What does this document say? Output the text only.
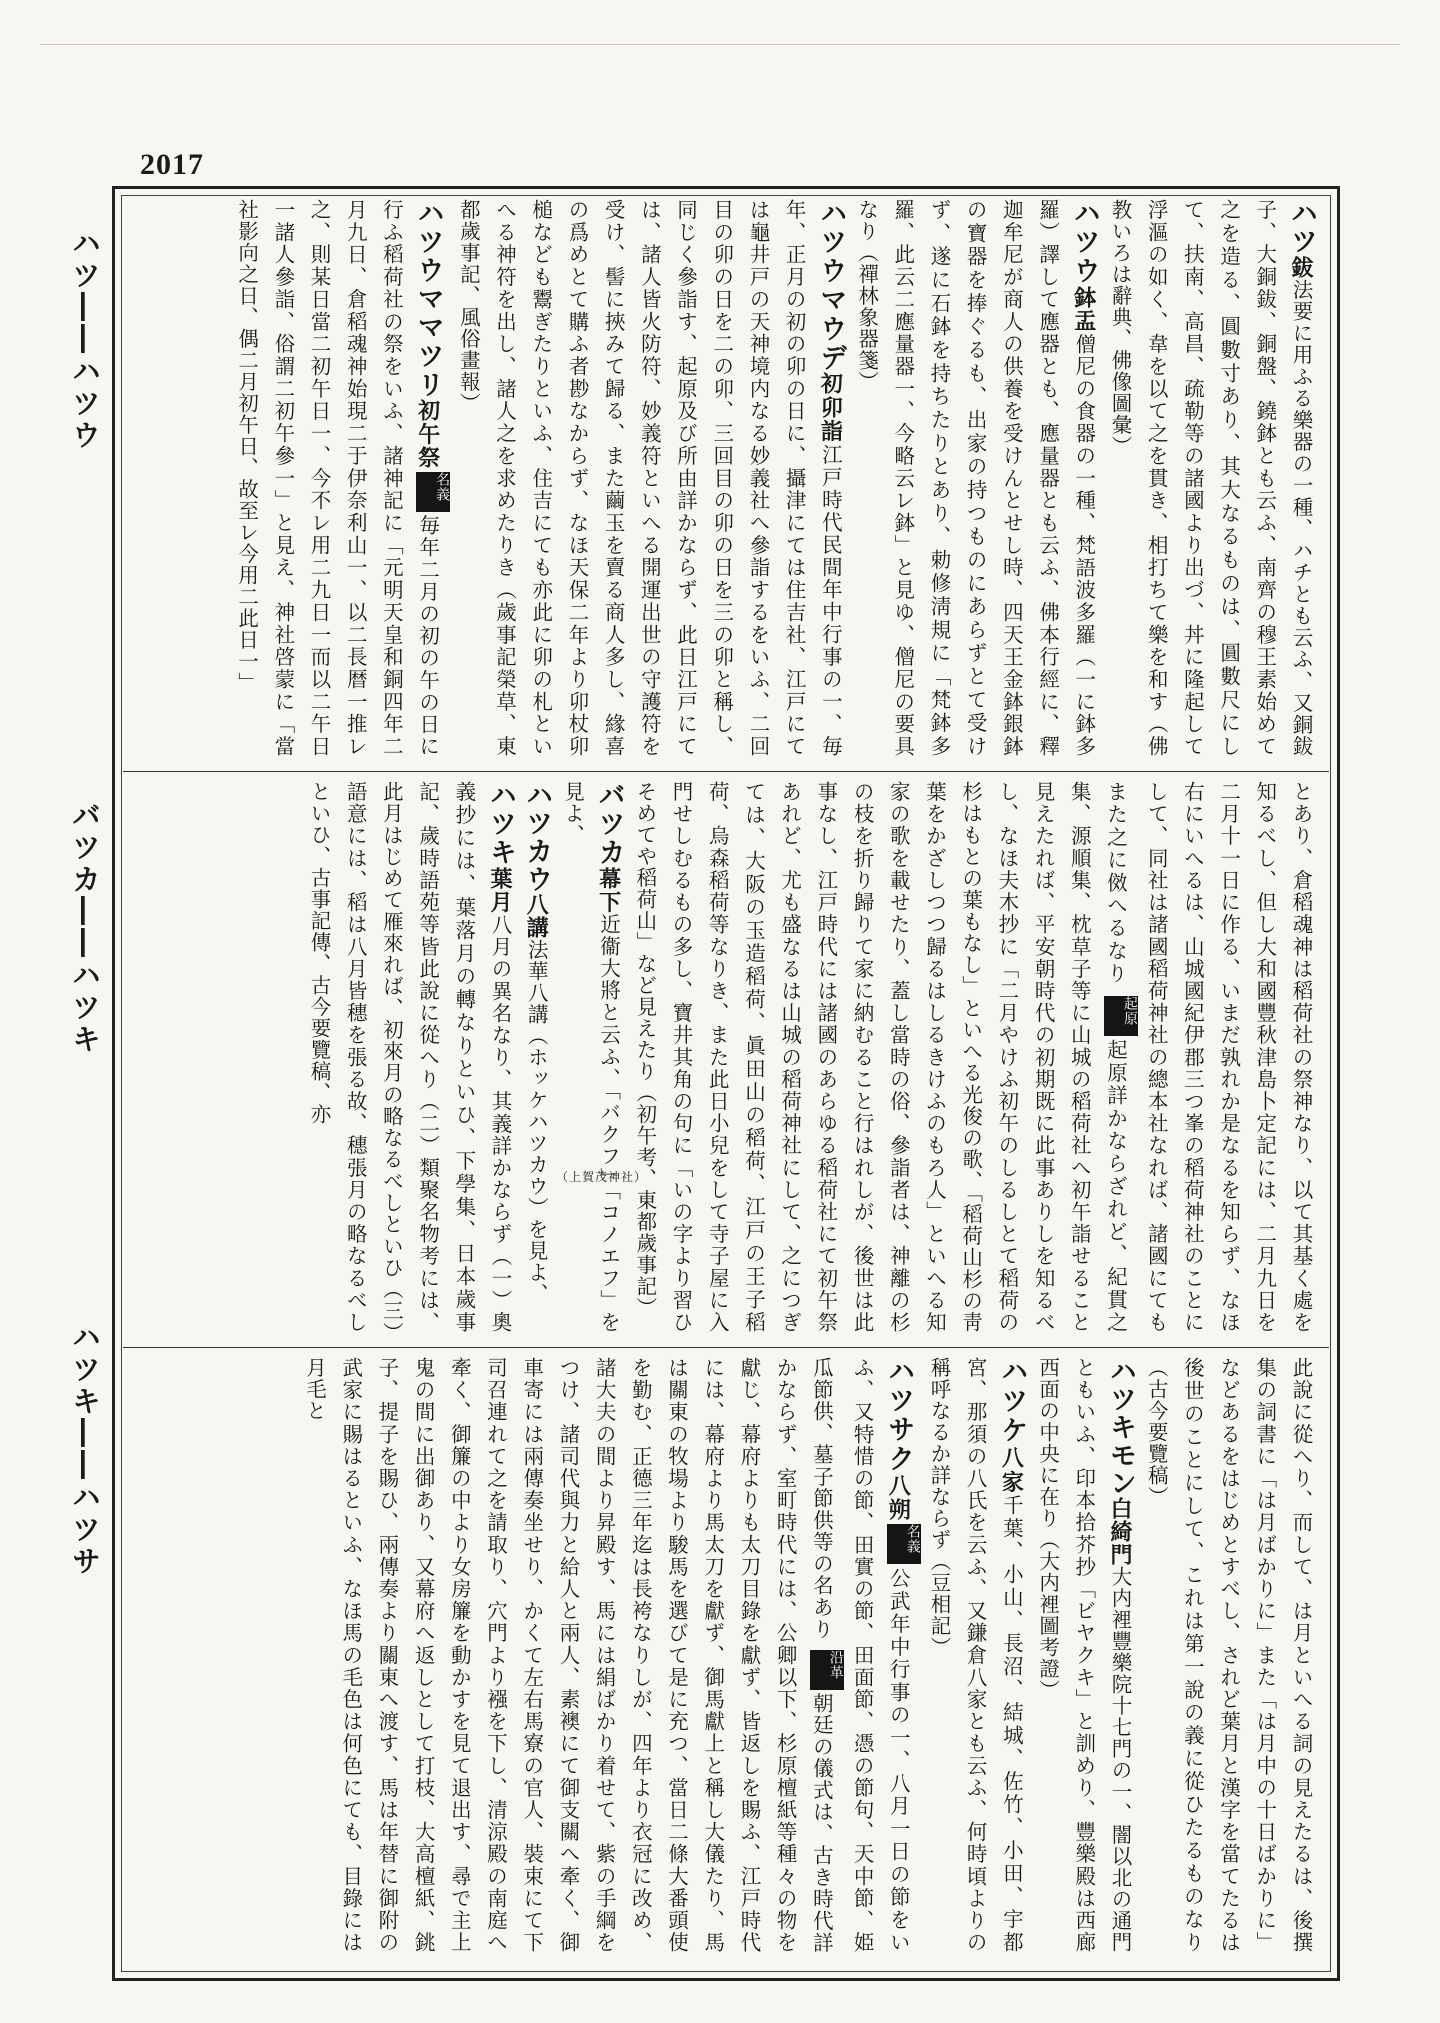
2017
ハツ――ハツウ
バツカ――ハツキ
ハツキ――ハツサ
ハツ鈸法要に用ふる樂器の一種、ハチとも云ふ、又銅鈸子、大銅鈸、銅盤、鐃鉢とも云ふ、南齊の穆王素始めて之を造る、圓數寸あり、其大なるものは、圓數尺にして、扶南、高昌、疏勒等の諸國より出づ、丼に隆起して浮漚の如く、韋を以て之を貫き、相打ちて樂を和す（佛教いろは辭典、佛像圖彙）
ハツウ鉢盂僧尼の食器の一種、梵語波多羅（一に鉢多羅）譯して應器とも、應量器とも云ふ、佛本行經に、釋迦牟尼が商人の供養を受けんとせし時、四天王金鉢銀鉢の寶器を捧ぐるも、出家の持つものにあらずとて受けず、遂に石鉢を持ちたりとあり、勅修淸規に「梵鉢多羅、此云二應量器一、今略云レ鉢」と見ゆ、僧尼の要具なり（禪林象器箋）
ハツウマウデ初卯詣江戸時代民間年中行事の一、毎年、正月の初の卯の日に、攝津にては住吉社、江戸にては龜井戸の天神境内なる妙義社へ參詣するをいふ、二回目の卯の日を二の卯、三回目の卯の日を三の卯と稱し、同じく參詣す、起原及び所由詳かならず、此日江戸にては、諸人皆火防符、妙義符といへる開運出世の守護符を受け、髻に挾みて歸る、また繭玉を賣る商人多し、緣喜の爲めとて購ふ者尠なからず、なほ天保二年より卯杖卯槌なども鬻ぎたりといふ、住吉にても亦此に卯の札といへる神符を出し、諸人之を求めたりき（歲事記榮草、東都歲事記、風俗畫報）
ハツウママツリ初午祭名義毎年二月の初の午の日に行ふ稻荷社の祭をいふ、諸神記に「元明天皇和銅四年二月九日、倉稻魂神始現二于伊奈利山一、以二長暦一推レ之、則某日當二初午日一、今不レ用二九日一而以二午日一諸人參詣、俗謂二初午參一」と見え、神社啓蒙に「當社影向之日、偶二月初午日、故至レ今用二此日一」
とあり、倉稻魂神は稻荷社の祭神なり、以て其基く處を知るべし、但し大和國豐秋津島卜定記には、二月九日を二月十一日に作る、いまだ孰れか是なるを知らず、なほ右にいへるは、山城國紀伊郡三つ峯の稻荷神社のことにして、同社は諸國稻荷神社の總本社なれば、諸國にてもまた之に傚へるなり 起原起原詳かならざれど、紀貫之集、源順集、枕草子等に山城の稻荷社へ初午詣せること見えたれば、平安朝時代の初期既に此事ありしを知るべし、なほ夫木抄に「二月やけふ初午のしるしとて稻荷の杉はもとの葉もなし」といへる光俊の歌、「稻荷山杉の靑葉をかざしつつ歸るはしるきけふのもろ人」といへる知家の歌を載せたり、蓋し當時の俗、參詣者は、神離の杉の枝を折り歸りて家に納むること行はれしが、後世は此事なし、江戸時代には諸國のあらゆる稻荷社にて初午祭あれど、尤も盛なるは山城の稻荷神社にして、之につぎては、大阪の玉造稻荷、眞田山の稻荷、江戸の王子稻荷、烏森稻荷等なりき、また此日小兒をして寺子屋に入門せしむるもの多し、寶井其角の句に「いの字より習ひそめてや稻荷山」など見えたり（初午考、東都歲事記）
バツカ幕下近衞大將と云ふ、「バクフ」「コノエフ」を見よ、
ハツカウ八講法華八講（ホッケハツカウ）を見よ、
ハツキ葉月八月の異名なり、其義詳かならず（一）奧義抄には、葉落月の轉なりといひ、下學集、日本歲事記、歲時語苑等皆此說に從へり（二）類聚名物考には、此月はじめて雁來れば、初來月の略なるべしといひ（三）語意には、稻は八月皆穗を張る故、穗張月の略なるべしといひ、古事記傳、古今要覽稿、亦
此說に從へり、而して、は月といへる詞の見えたるは、後撰集の詞書に「は月ばかりに」また「は月中の十日ばかりに」などあるをはじめとすべし、されど葉月と漢字を當てたるは後世のことにして、これは第一說の義に從ひたるものなり（古今要覽稿）
ハツキモン白綺門大内裡豐樂院十七門の一、闇以北の通門ともいふ、印本拾芥抄「ビヤクキ」と訓めり、豐樂殿は西廊西面の中央に在り（大内裡圖考證）
ハツケ八家千葉、小山、長沼、結城、佐竹、小田、宇都宮、那須の八氏を云ふ、又鎌倉八家とも云ふ、何時頃よりの稱呼なるか詳ならず（豆相記）
ハツサク八朔名義公武年中行事の一、八月一日の節をいふ、又特惜の節、田實の節、田面節、憑の節句、天中節、姫瓜節供、墓子節供等の名あり 沿革朝廷の儀式は、古き時代詳かならず、室町時代には、公卿以下、杉原檀紙等種々の物を獻じ、幕府よりも太刀目錄を獻ず、皆返しを賜ふ、江戸時代には、幕府より馬太刀を獻ず、御馬獻上と稱し大儀たり、馬は關東の牧場より駿馬を選びて是に充つ、當日二條大番頭使を勤む、正德三年迄は長袴なりしが、四年より衣冠に改め、諸大夫の間より昇殿す、馬には絹ばかり着せて、紫の手綱をつけ、諸司代與力と給人と兩人、素襖にて御支關へ牽く、御車寄には兩傳奏坐せり、かくて左右馬寮の官人、裝束にて下司召連れて之を請取り、穴門より襁を下し、清涼殿の南庭へ牽く、御簾の中より女房簾を動かすを見て退出す、尋で主上鬼の間に出御あり、又幕府へ返しとして打枝、大高檀紙、銚子、提子を賜ひ、兩傳奏より關東へ渡す、馬は年替に御附の武家に賜はるといふ、なほ馬の毛色は何色にても、目錄には月毛と
（上賀茂神社）
